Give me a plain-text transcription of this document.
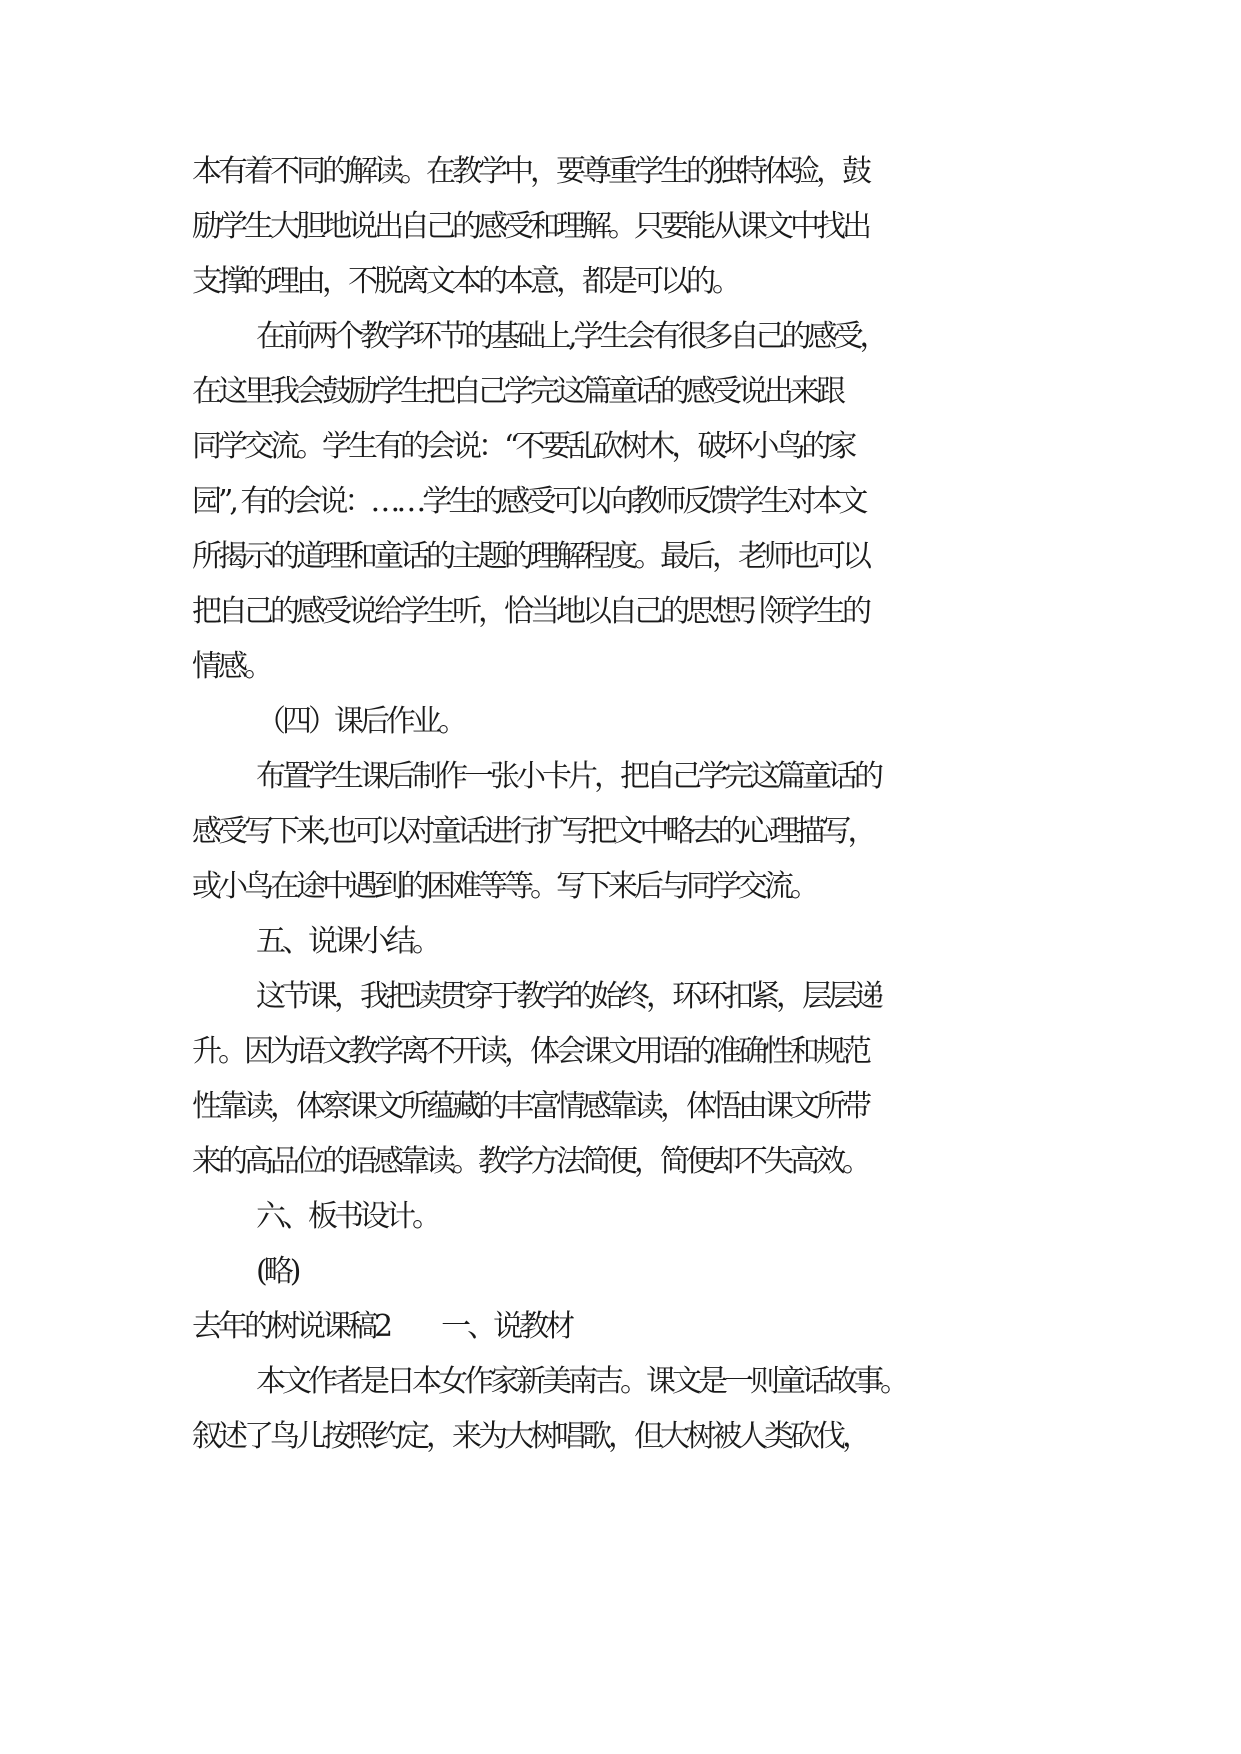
本有着不同的解读。在教学中，要尊重学生的独特体验，鼓
励学生大胆地说出自己的感受和理解。只要能从课文中找出
支撑的理由，不脱离文本的本意，都是可以的。
在前两个教学环节的基础上,学生会有很多自己的感受，
在这里我会鼓励学生把自己学完这篇童话的感受说出来跟
同学交流。学生有的会说：“不要乱砍树木，破坏小鸟的家
园”, 有的会说：……学生的感受可以向教师反馈学生对本文
所揭示的道理和童话的主题的理解程度。最后，老师也可以
把自己的感受说给学生听，恰当地以自己的思想引领学生的
情感。
（四）课后作业。
布置学生课后制作一张小卡片，把自己学完这篇童话的
感受写下来,也可以对童话进行扩写把文中略去的心理描写，
或小鸟在途中遇到的困难等等。写下来后与同学交流。
五、说课小结。
这节课，我把读贯穿于教学的始终，环环扣紧，层层递
升。因为语文教学离不开读，体会课文用语的准确性和规范
性靠读，体察课文所蕴藏的丰富情感靠读，体悟由课文所带
来的高品位的语感靠读。教学方法简便，简便却不失高效。
六、板书设计。
(略)
去年的树说课稿2　　一、说教材
本文作者是日本女作家新美南吉。课文是一则童话故事。
叙述了鸟儿按照约定，来为大树唱歌，但大树被人类砍伐，
